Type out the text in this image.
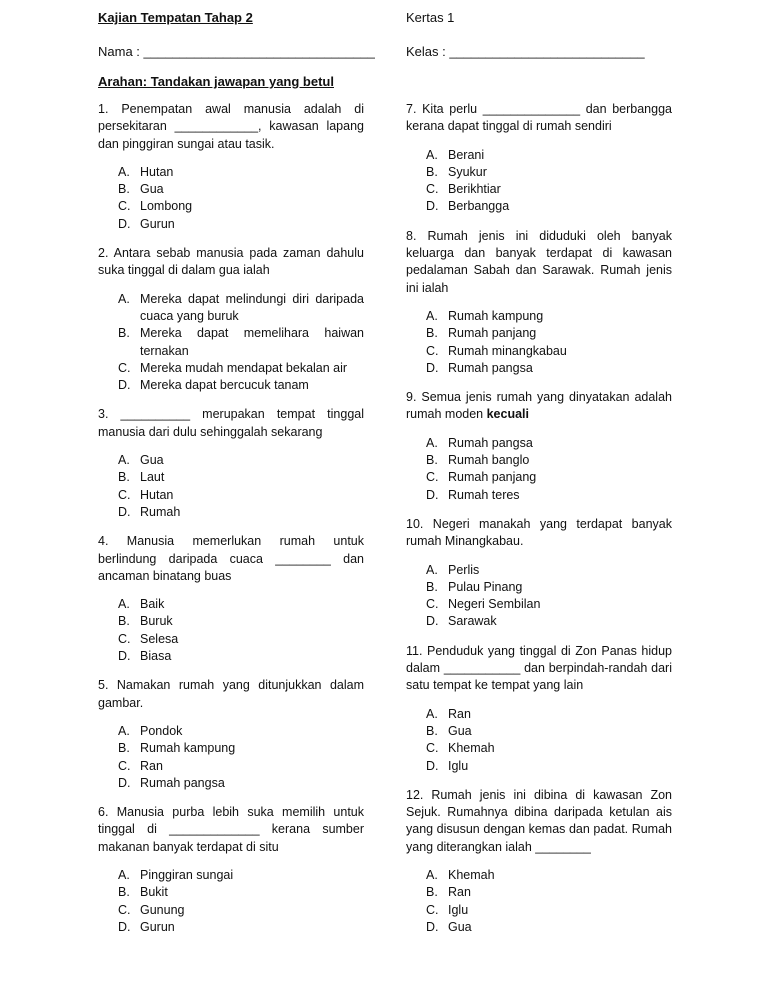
Kajian Tempatan Tahap 2	Kertas 1
Nama : ________________________________ Kelas : ___________________________
Arahan: Tandakan jawapan yang betul
1. Penempatan awal manusia adalah di persekitaran ____________, kawasan lapang dan pinggiran sungai atau tasik.
A. Hutan
B. Gua
C. Lombong
D. Gurun
2. Antara sebab manusia pada zaman dahulu suka tinggal di dalam gua ialah
A. Mereka dapat melindungi diri daripada cuaca yang buruk
B. Mereka dapat memelihara haiwan ternakan
C. Mereka mudah mendapat bekalan air
D. Mereka dapat bercucuk tanam
3. __________ merupakan tempat tinggal manusia dari dulu sehinggalah sekarang
A. Gua
B. Laut
C. Hutan
D. Rumah
4. Manusia memerlukan rumah untuk berlindung daripada cuaca ________ dan ancaman binatang buas
A. Baik
B. Buruk
C. Selesa
D. Biasa
5. Namakan rumah yang ditunjukkan dalam gambar.
A. Pondok
B. Rumah kampung
C. Ran
D. Rumah pangsa
6. Manusia purba lebih suka memilih untuk tinggal di _____________ kerana sumber makanan banyak terdapat di situ
A. Pinggiran sungai
B. Bukit
C. Gunung
D. Gurun
7. Kita perlu ______________ dan berbangga kerana dapat tinggal di rumah sendiri
A. Berani
B. Syukur
C. Berikhtiar
D. Berbangga
8. Rumah jenis ini diduduki oleh banyak keluarga dan banyak terdapat di kawasan pedalaman Sabah dan Sarawak. Rumah jenis ini ialah
A. Rumah kampung
B. Rumah panjang
C. Rumah minangkabau
D. Rumah pangsa
9. Semua jenis rumah yang dinyatakan adalah rumah moden kecuali
A. Rumah pangsa
B. Rumah banglo
C. Rumah panjang
D. Rumah teres
10. Negeri manakah yang terdapat banyak rumah Minangkabau.
A. Perlis
B. Pulau Pinang
C. Negeri Sembilan
D. Sarawak
11. Penduduk yang tinggal di Zon Panas hidup dalam ___________ dan berpindah-randah dari satu tempat ke tempat yang lain
A. Ran
B. Gua
C. Khemah
D. Iglu
12. Rumah jenis ini dibina di kawasan Zon Sejuk. Rumahnya dibina daripada ketulan ais yang disusun dengan kemas dan padat. Rumah yang diterangkan ialah ________
A. Khemah
B. Ran
C. Iglu
D. Gua
